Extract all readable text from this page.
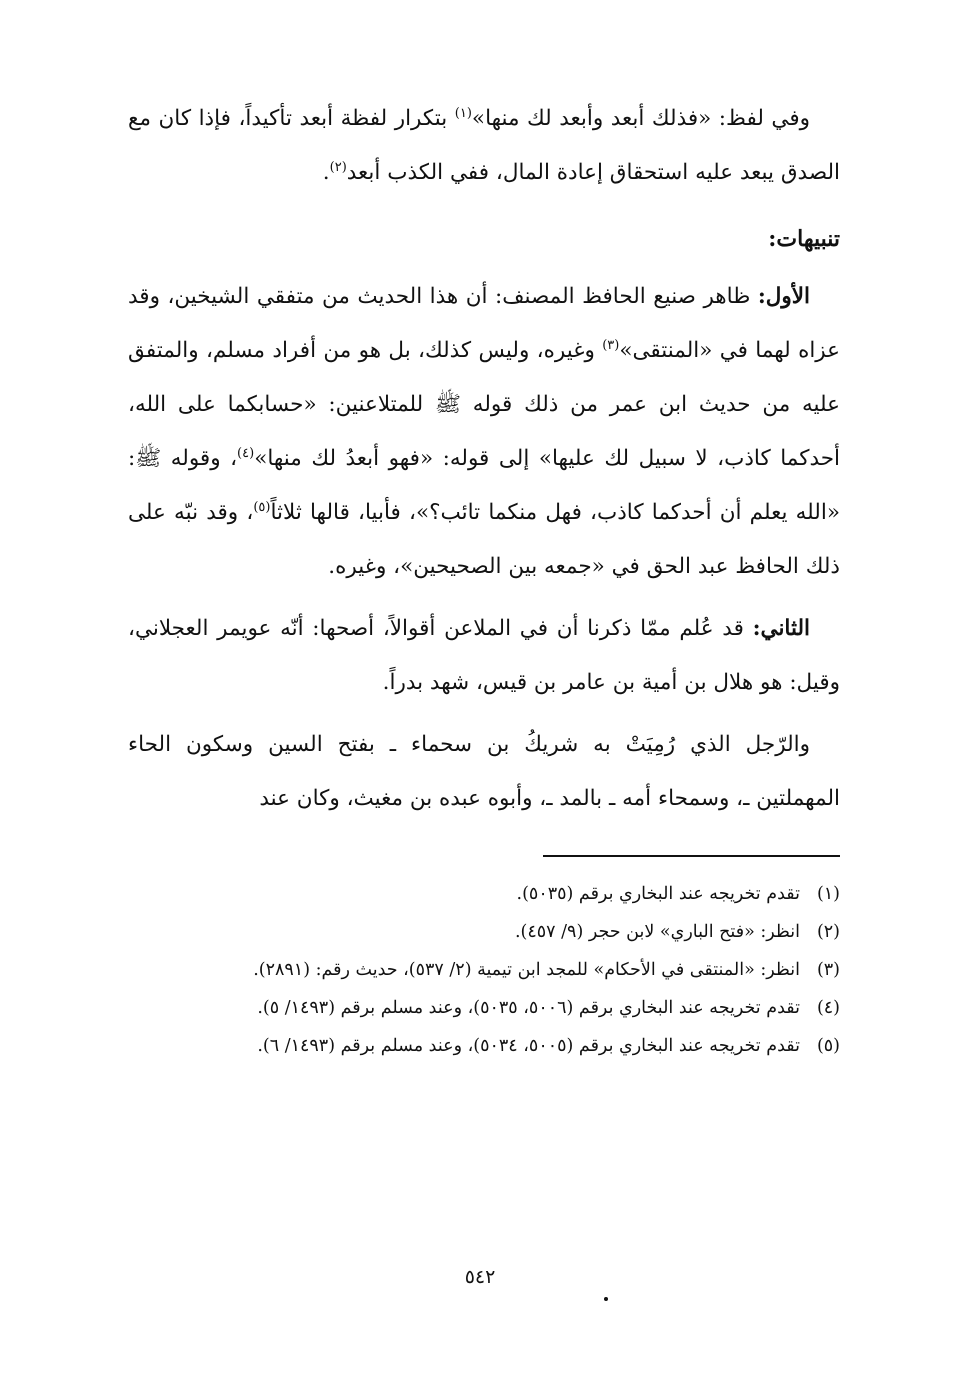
وفي لفظ: «فذلك أبعد وأبعد لك منها»$^{(١)}$ بتكرار لفظة أبعد تأكيداً، فإذا كان مع الصدق يبعد عليه استحقاق إعادة المال، ففي الكذب أبعد$^{(٢)}$.

تنبيهات:

الأول: ظاهر صنيع الحافظ المصنف: أن هذا الحديث من متفقي الشيخين، وقد عزاه لهما في «المنتقى»$^{(٣)}$ وغيره، وليس كذلك، بل هو من أفراد مسلم، والمتفق عليه من حديث ابن عمر من ذلك قوله ﷺ للمتلاعنين: «حسابكما على الله، أحدكما كاذب، لا سبيل لك عليها» إلى قوله: «فهو أبعدُ لك منها»$^{(٤)}$، وقوله ﷺ: «الله يعلم أن أحدكما كاذب، فهل منكما تائب؟»، فأبيا، قالها ثلاثاً$^{(٥)}$، وقد نبّه على ذلك الحافظ عبد الحق في «جمعه بين الصحيحين»، وغيره.

الثاني: قد عُلم ممّا ذكرنا أن في الملاعن أقوالاً، أصحها: أنّه عويمر العجلاني، وقيل: هو هلال بن أمية بن عامر بن قيس، شهد بدراً.

والرّجل الذي رُمِيَتْ به شريكُ بن سحماء ـ بفتح السين وسكون الحاء المهملتين ـ، وسمحاء أمه ـ بالمد ـ، وأبوه عبده بن مغيث، وكان عند

(١)
تقدم تخريجه عند البخاري برقم (٥٠٣٥).
(٢)
انظر: «فتح الباري» لابن حجر (٩/ ٤٥٧).
(٣)
انظر: «المنتقى في الأحكام» للمجد ابن تيمية (٢/ ٥٣٧)، حديث رقم: (٢٨٩١).
(٤)
تقدم تخريجه عند البخاري برقم (٥٠٠٦، ٥٠٣٥)، وعند مسلم برقم (١٤٩٣/ ٥).
(٥)
تقدم تخريجه عند البخاري برقم (٥٠٠٥، ٥٠٣٤)، وعند مسلم برقم (١٤٩٣/ ٦).
٥٤٢
